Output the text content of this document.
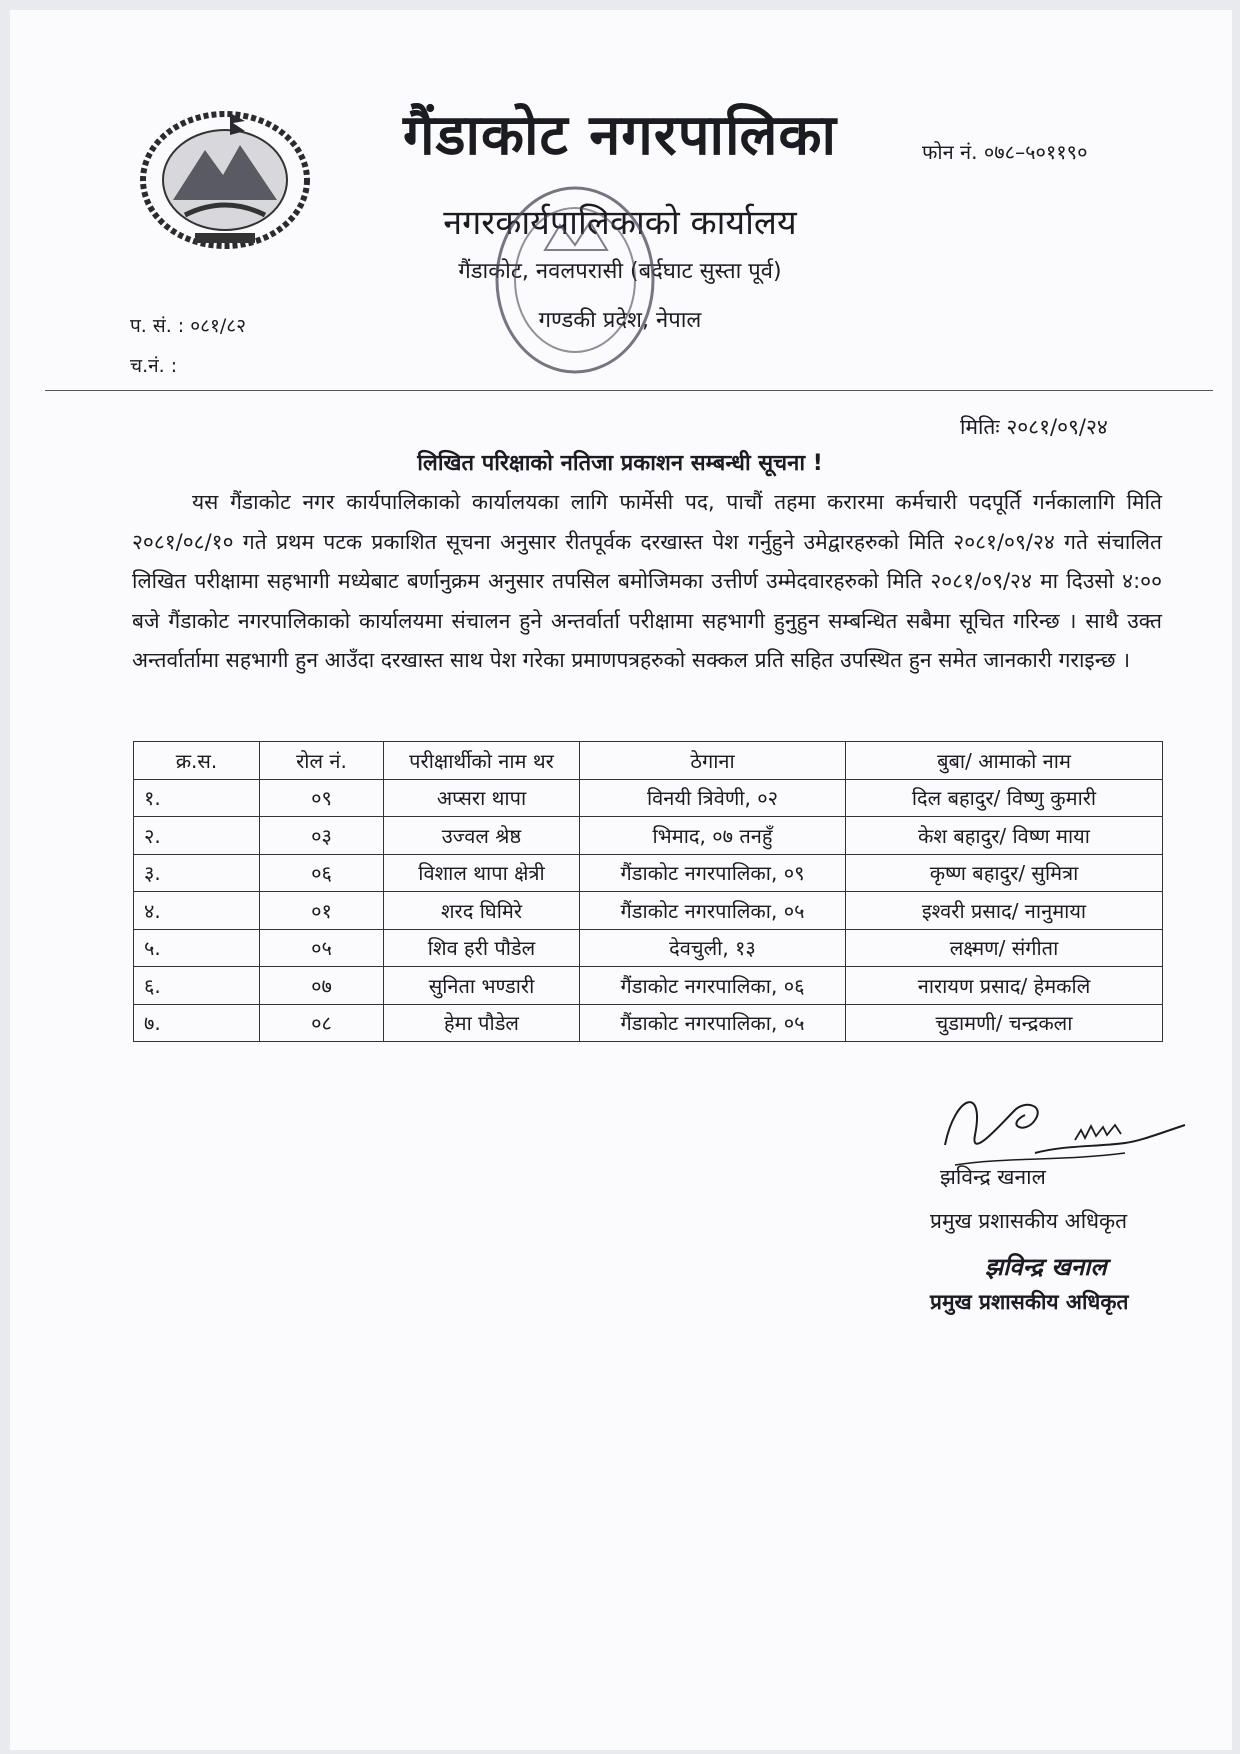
गैंडाकोट नगरपालिका	फोन नं. ०७८–५०११९०
नगरकार्यपालिकाको कार्यालय
गैंडाकोट, नवलपरासी (बर्दघाट सुस्ता पूर्व)
गण्डकी प्रदेश, नेपाल
प. सं. : ०८१/८२
च.नं. :
मितिः २०८१/०९/२४
लिखित परिक्षाको नतिजा प्रकाशन सम्बन्धी सूचना !
यस गैंडाकोट नगर कार्यपालिकाको कार्यालयका लागि फार्मेसी पद, पाचौं तहमा करारमा कर्मचारी पदपूर्ति गर्नकालागि मिति २०८१/०८/१० गते प्रथम पटक प्रकाशित सूचना अनुसार रीतपूर्वक दरखास्त पेश गर्नुहुने उमेद्वारहरुको मिति २०८१/०९/२४ गते संचालित लिखित परीक्षामा सहभागी मध्येबाट बर्णानुक्रम अनुसार तपसिल बमोजिमका उत्तीर्ण उम्मेदवारहरुको मिति २०८१/०९/२४ मा दिउसो ४:०० बजे गैंडाकोट नगरपालिकाको कार्यालयमा संचालन हुने अन्तर्वार्ता परीक्षामा सहभागी हुनुहुन सम्बन्धित सबैमा सूचित गरिन्छ । साथै उक्त अन्तर्वार्तामा सहभागी हुन आउँदा दरखास्त साथ पेश गरेका प्रमाणपत्रहरुको सक्कल प्रति सहित उपस्थित हुन समेत जानकारी गराइन्छ ।
क्र.स.	रोल नं.	परीक्षार्थीको नाम थर	ठेगाना	बुबा/ आमाको नाम
१.	०९	अप्सरा थापा	विनयी त्रिवेणी, ०२	दिल बहादुर/ विष्णु कुमारी
२.	०३	उज्वल श्रेष्ठ	भिमाद, ०७ तनहुँ	केश बहादुर/ विष्ण माया
३.	०६	विशाल थापा क्षेत्री	गैंडाकोट नगरपालिका, ०९	कृष्ण बहादुर/ सुमित्रा
४.	०१	शरद घिमिरे	गैंडाकोट नगरपालिका, ०५	इश्वरी प्रसाद/ नानुमाया
५.	०५	शिव हरी पौडेल	देवचुली, १३	लक्ष्मण/ संगीता
६.	०७	सुनिता भण्डारी	गैंडाकोट नगरपालिका, ०६	नारायण प्रसाद/ हेमकलि
७.	०८	हेमा पौडेल	गैंडाकोट नगरपालिका, ०५	चुडामणी/ चन्द्रकला
झविन्द्र खनाल
प्रमुख प्रशासकीय अधिकृत
झविन्द्र खनाल
प्रमुख प्रशासकीय अधिकृत
